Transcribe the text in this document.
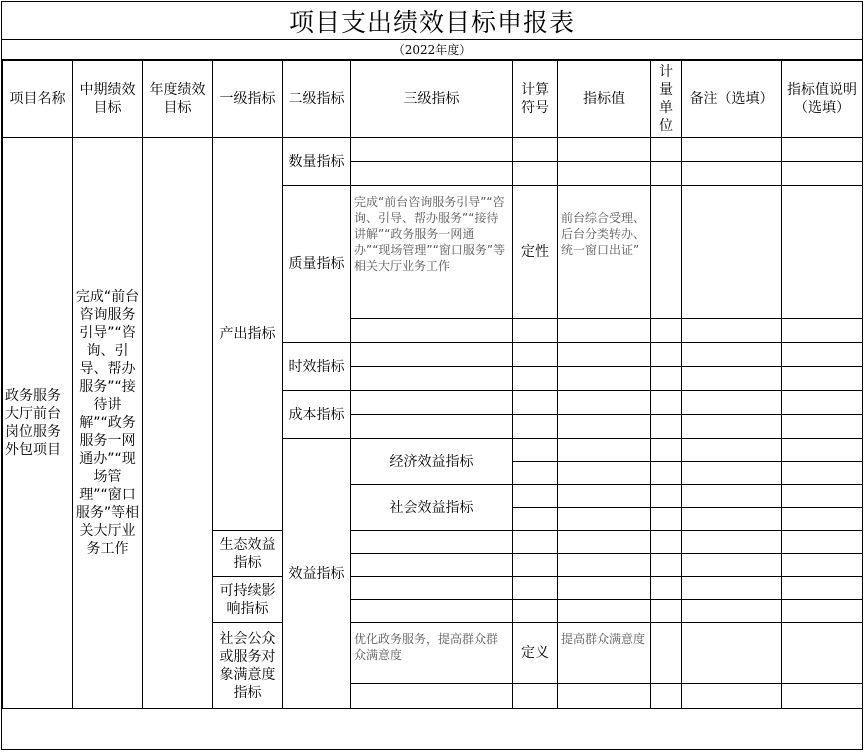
项目支出绩效目标申报表
（2022年度）
项目名称	中期绩效目标	年度绩效目标	一级指标	二级指标	三级指标	计算符号	指标值	计量单位	备注（选填）	指标值说明（选填）	
政务服务大厅前台岗位服务外包项目	完成“前台咨询服务引导”“咨询、引导、帮办服务”“接待讲解”“政务服务一网通办”“现场管理”“窗口服务”等相关大厅业务工作		产出指标	数量指标							

				质量指标	完成“前台咨询服务引导”“咨询、引导、帮办服务”“接待讲解”“政务服务一网通办”“现场管理”“窗口服务”等相关大厅业务工作	定性	前台综合受理、后台分类转办、统一窗口出证”				

				时效指标							

				成本指标							

				效益指标	经济效益指标						

					社会效益指标						

			生态效益指标								

			可持续影响指标								

			社会公众或服务对象满意度指标		优化政务服务，提高群众群众满意度	定义	提高群众满意度				
